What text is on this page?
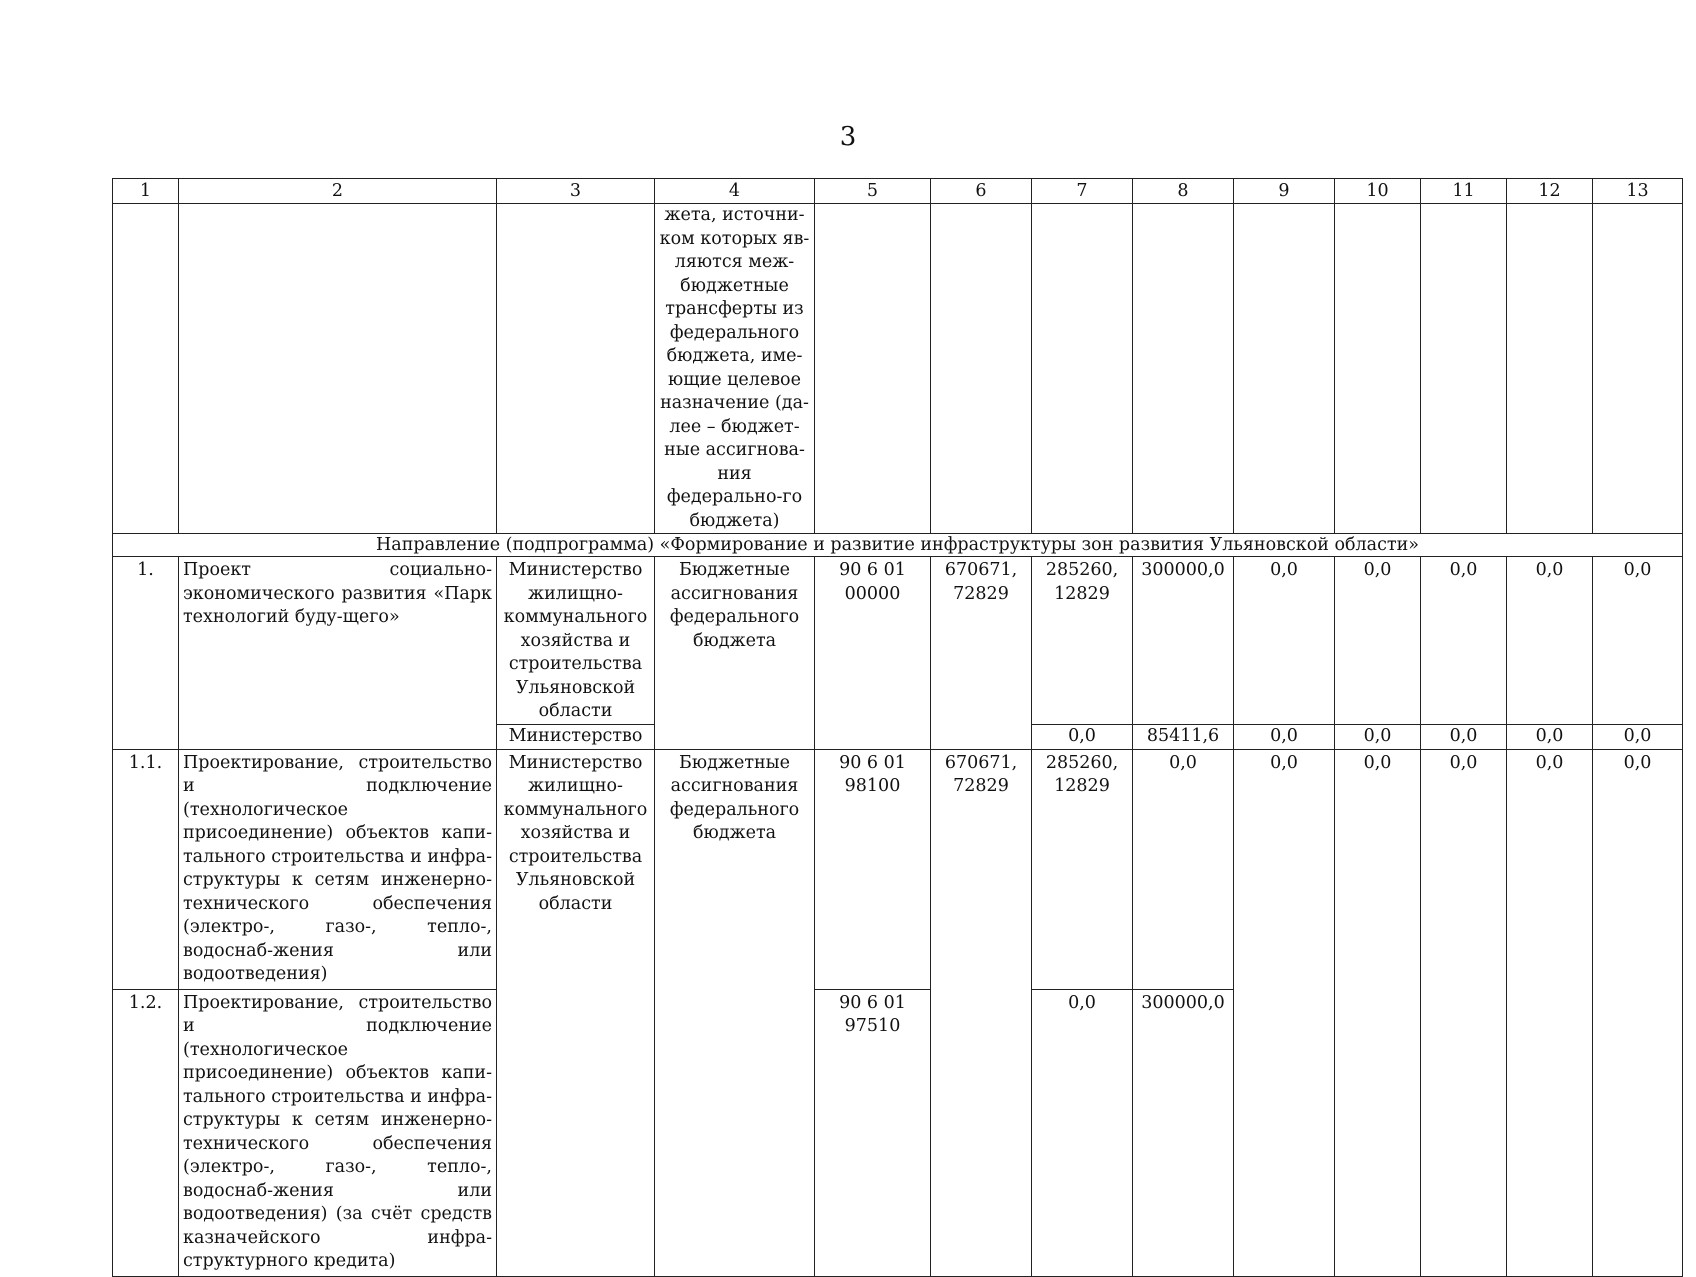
3
1	2	3	4	5	6	7	8	9	10	11	12	13
			жета, источни-ком которых яв-ляются меж-бюджетные трансферты из федерального бюджета, име-ющие целевое назначение (да-лее – бюджет-ные ассигнова-ния федерально-го бюджета)									
Направление (подпрограмма) «Формирование и развитие инфраструктуры зон развития Ульяновской области»												
1.	Проект социально-экономического развития «Парк технологий буду-щего»	Министерство жилищно-коммунального хозяйства и строительства Ульяновской области	Бюджетные ассигнования федерального бюджета	90 6 01 00000	670671, 72829	285260, 12829	300000,0	0,0	0,0	0,0	0,0	0,0
		Министерство				0,0	85411,6	0,0	0,0	0,0	0,0	0,0
1.1.	Проектирование, строительство и подключение (технологическое присоединение) объектов капи-тального строительства и инфра-структуры к сетям инженерно-технического обеспечения (электро-, газо-, тепло-, водоснаб-жения или водоотведения)	Министерство жилищно-коммунального хозяйства и строительства Ульяновской области	Бюджетные ассигнования федерального бюджета	90 6 01 98100	670671, 72829	285260, 12829	0,0	0,0	0,0	0,0	0,0	0,0
1.2.	Проектирование, строительство и подключение (технологическое присоединение) объектов капи-тального строительства и инфра-структуры к сетям инженерно-технического обеспечения (электро-, газо-, тепло-, водоснаб-жения или водоотведения) (за счёт средств казначейского инфра-структурного кредита)			90 6 01 97510		0,0	300000,0					
